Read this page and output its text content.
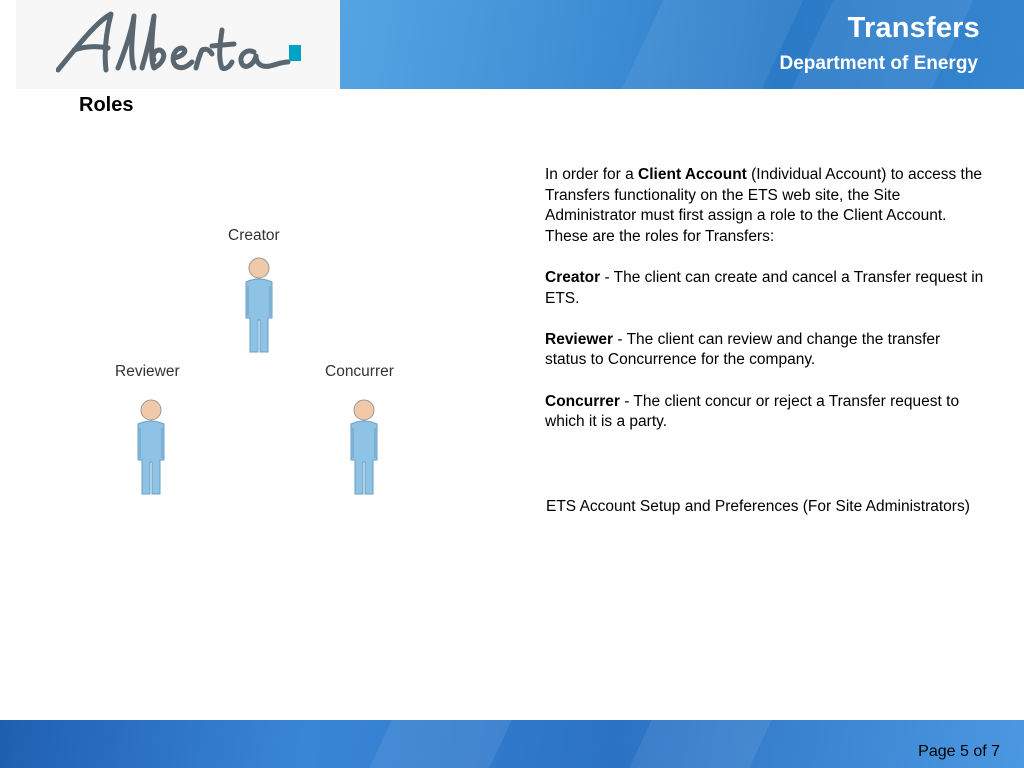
Transfers
Department of Energy
Roles
Creator
Reviewer	Concurrer

In order for a Client Account (Individual Account) to access the Transfers functionality on the ETS web site, the Site Administrator must first assign a role to the Client Account. These are the roles for Transfers:

Creator - The client can create and cancel a Transfer request in ETS.

Reviewer - The client can review and change the transfer status to Concurrence for the company.

Concurrer - The client concur or reject a Transfer request to which it is a party.

ETS Account Setup and Preferences (For Site Administrators)
Page 5 of 7
